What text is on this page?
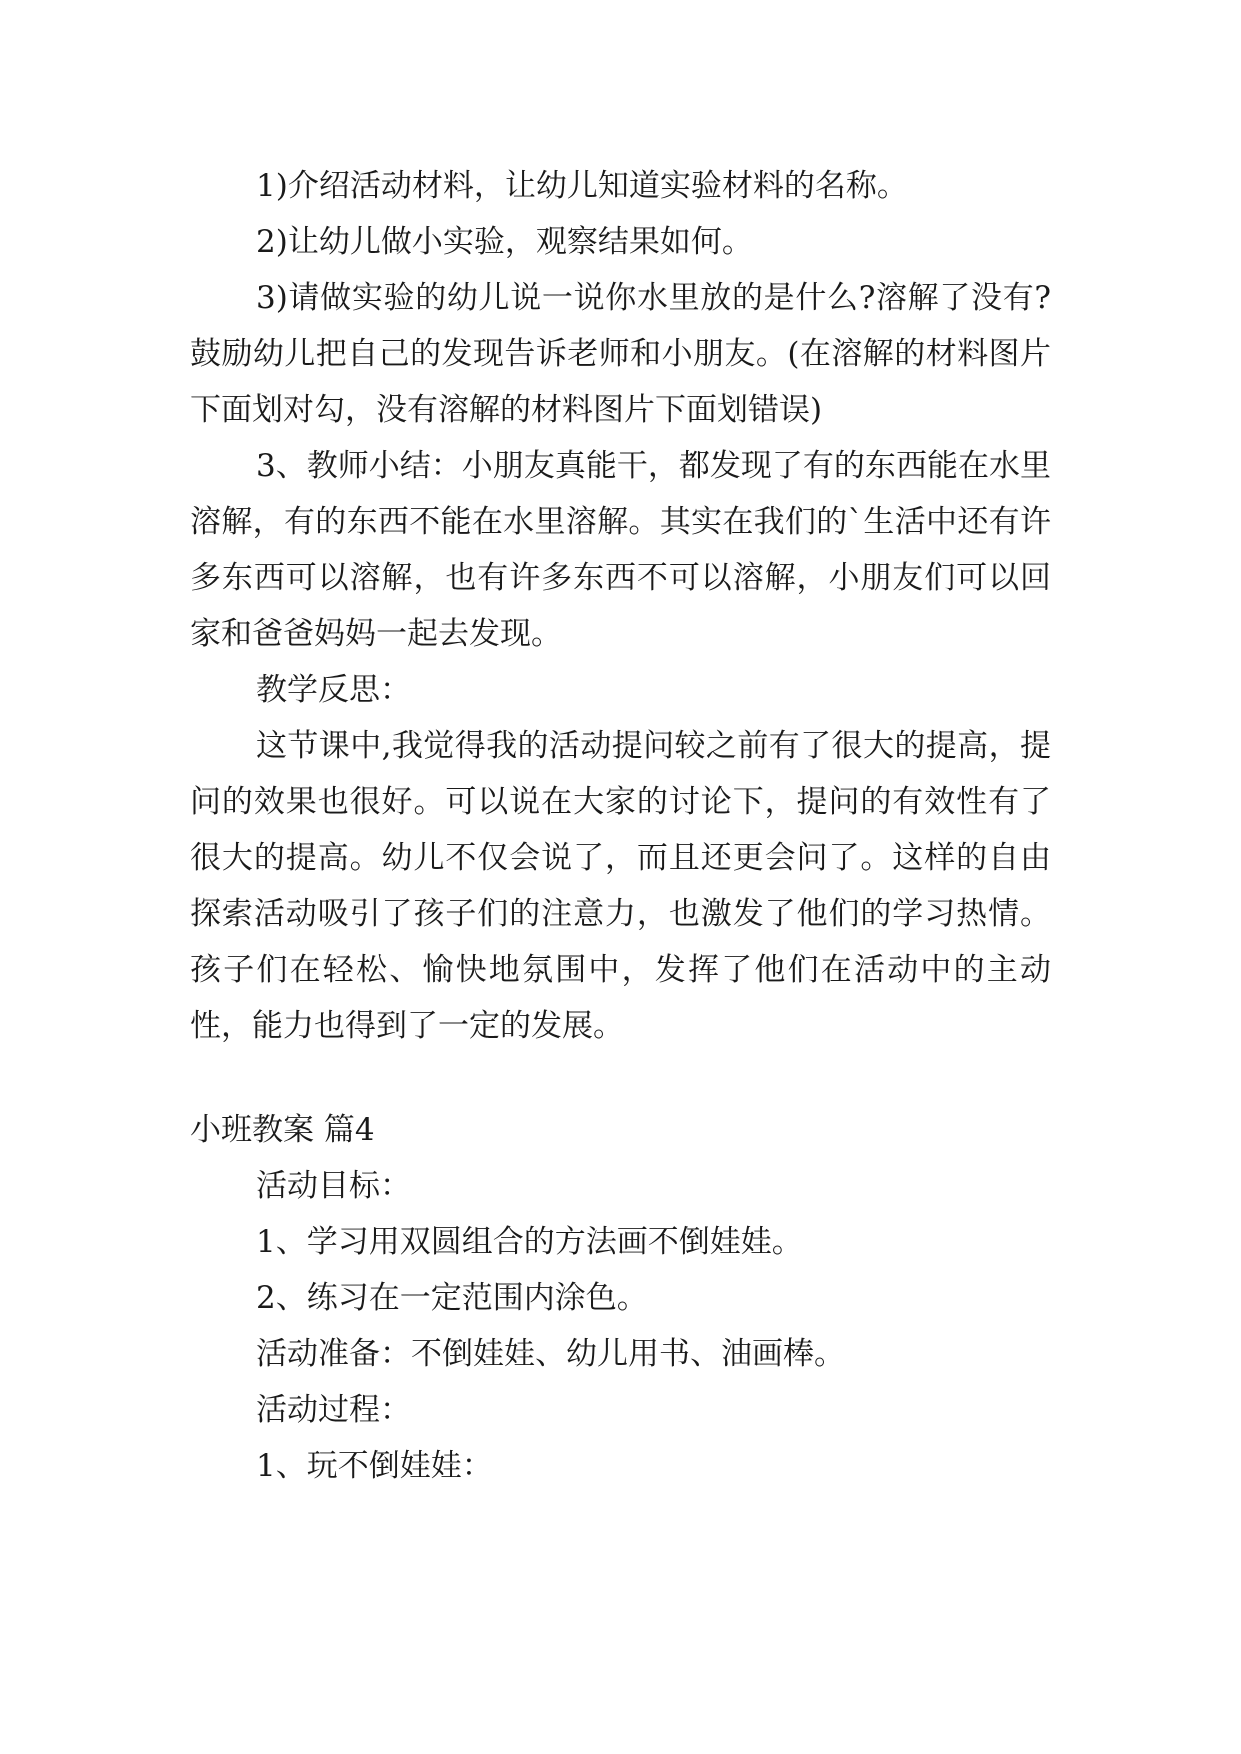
1)介绍活动材料，让幼儿知道实验材料的名称。

2)让幼儿做小实验，观察结果如何。

3)请做实验的幼儿说一说你水里放的是什么?溶解了没有?鼓励幼儿把自己的发现告诉老师和小朋友。(在溶解的材料图片下面划对勾，没有溶解的材料图片下面划错误)

3、教师小结：小朋友真能干，都发现了有的东西能在水里溶解，有的东西不能在水里溶解。其实在我们的`生活中还有许多东西可以溶解，也有许多东西不可以溶解，小朋友们可以回家和爸爸妈妈一起去发现。

教学反思：

这节课中,我觉得我的活动提问较之前有了很大的提高，提问的效果也很好。可以说在大家的讨论下，提问的有效性有了很大的提高。幼儿不仅会说了，而且还更会问了。这样的自由探索活动吸引了孩子们的注意力，也激发了他们的学习热情。孩子们在轻松、愉快地氛围中，发挥了他们在活动中的主动性，能力也得到了一定的发展。

小班教案 篇4

活动目标：

1、学习用双圆组合的方法画不倒娃娃。

2、练习在一定范围内涂色。

活动准备：不倒娃娃、幼儿用书、油画棒。

活动过程：

1、玩不倒娃娃：
